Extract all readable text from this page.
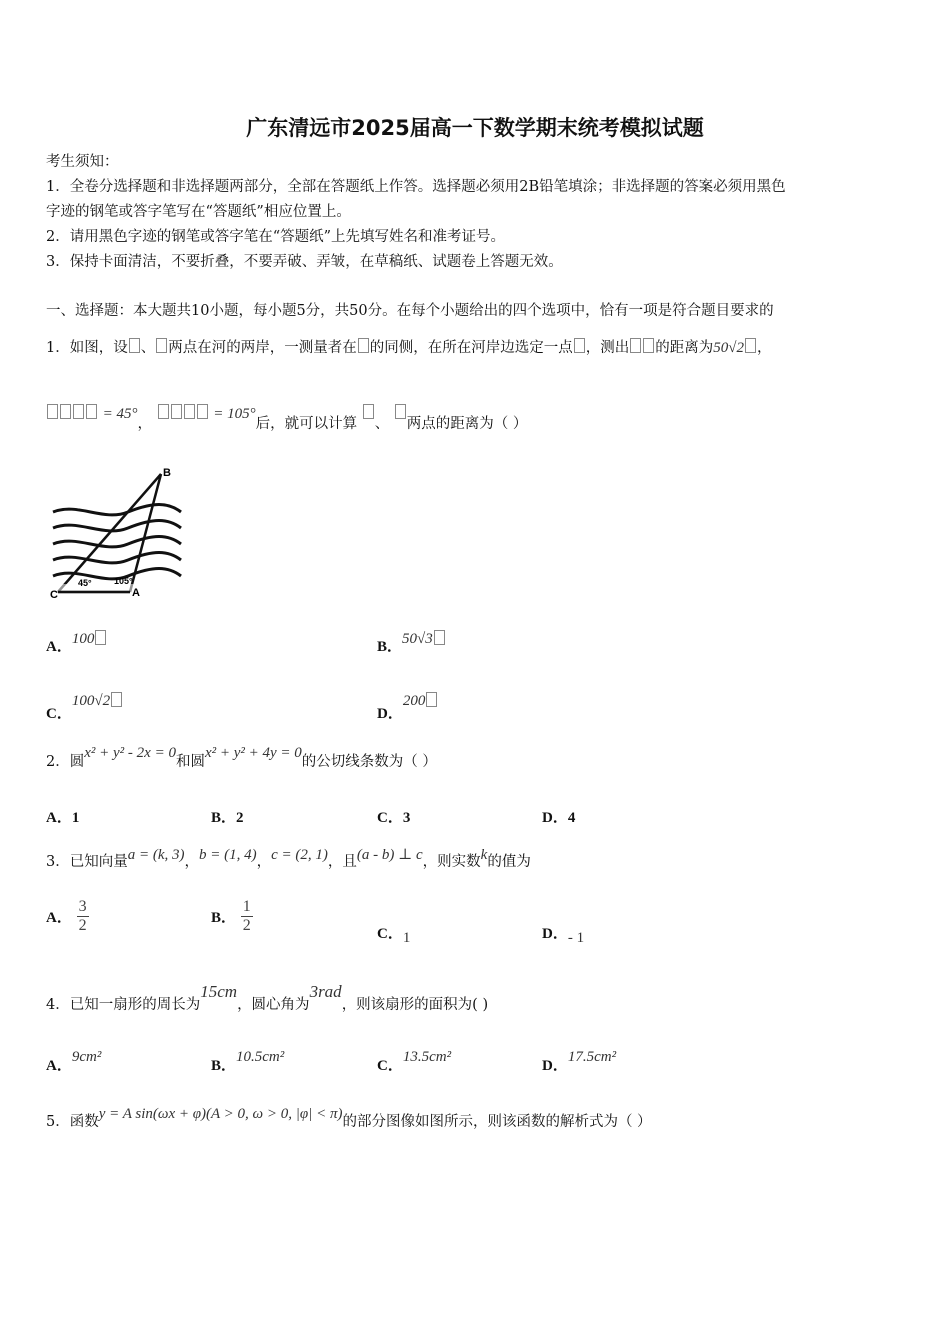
广东清远市2025届高一下数学期末统考模拟试题
考生须知：
1．全卷分选择题和非选择题两部分，全部在答题纸上作答。选择题必须用2B铅笔填涂；非选择题的答案必须用黑色
字迹的钢笔或答字笔写在“答题纸”相应位置上。
2．请用黑色字迹的钢笔或答字笔在“答题纸”上先填写姓名和准考证号。
3．保持卡面清洁，不要折叠，不要弄破、弄皱，在草稿纸、试题卷上答题无效。
一、选择题：本大题共10小题，每小题5分，共50分。在每个小题给出的四个选项中，恰有一项是符合题目要求的
1．如图，设 、 两点在河的两岸，一测量者在 的同侧，在所在河岸边选定一点 ，测出 的距离为50√2 ，
= 45°，  = 105°后，就可以计算 、 两点的距离为（ ）
B
C	A
45° 105°
A．100	B．50√3
C．100√2
D．200
2．圆x² + y² - 2x = 0和圆x² + y² + 4y = 0的公切线条数为（ ）
A．1	B．2	C．3	D．4
3．已知向量a = (k, 3)，b = (1, 4)，c = (2, 1)，且(a - b) ⊥ c，则实数k的值为
A． $\frac{3}{2}$	B． $\frac{1}{2}$	C．1	D．- 1
4．已知一扇形的周长为15cm，圆心角为3rad，则该扇形的面积为( )
A．9cm²
B．10.5cm²
C．13.5cm²
D．17.5cm²
5．函数y = A sin(ωx + φ)(A > 0, ω > 0, |φ| < π)的部分图像如图所示，则该函数的解析式为（ ）
